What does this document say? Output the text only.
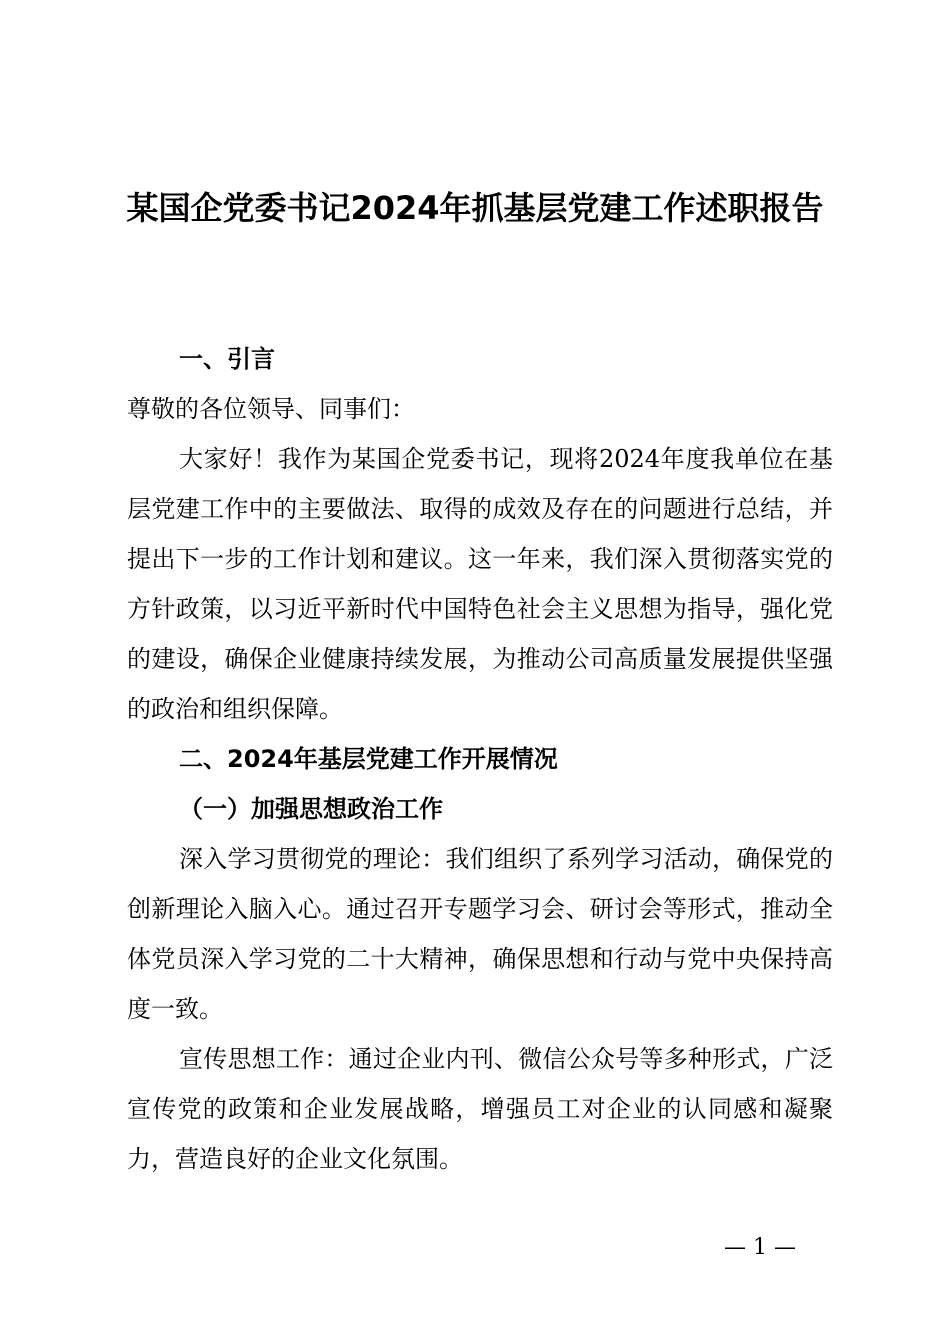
某国企党委书记2024年抓基层党建工作述职报告

一、引言

尊敬的各位领导、同事们：

大家好！我作为某国企党委书记，现将2024年度我单位在基层党建工作中的主要做法、取得的成效及存在的问题进行总结，并提出下一步的工作计划和建议。这一年来，我们深入贯彻落实党的方针政策，以习近平新时代中国特色社会主义思想为指导，强化党的建设，确保企业健康持续发展，为推动公司高质量发展提供坚强的政治和组织保障。

二、2024年基层党建工作开展情况

（一）加强思想政治工作

深入学习贯彻党的理论：我们组织了系列学习活动，确保党的创新理论入脑入心。通过召开专题学习会、研讨会等形式，推动全体党员深入学习党的二十大精神，确保思想和行动与党中央保持高度一致。

宣传思想工作：通过企业内刊、微信公众号等多种形式，广泛宣传党的政策和企业发展战略，增强员工对企业的认同感和凝聚力，营造良好的企业文化氛围。

— 1 —
